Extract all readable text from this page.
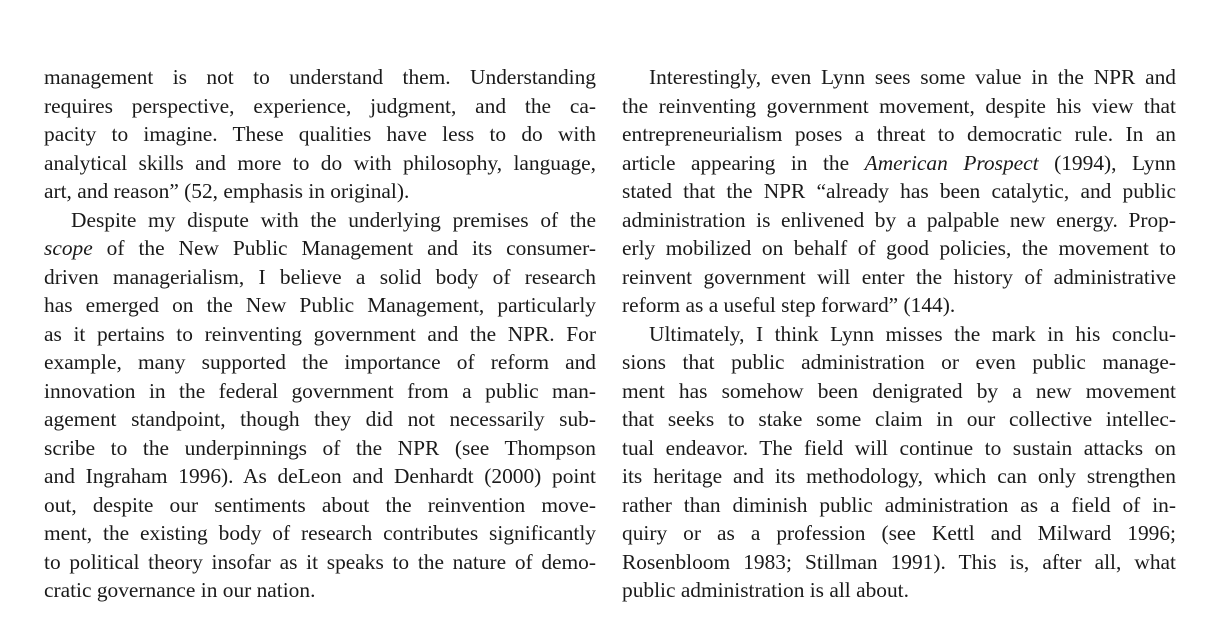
management is not to understand them. Understanding
requires perspective, experience, judgment, and the ca-
pacity to imagine. These qualities have less to do with
analytical skills and more to do with philosophy, language,
art, and reason” (52, emphasis in original).
Despite my dispute with the underlying premises of the
scope of the New Public Management and its consumer-
driven managerialism, I believe a solid body of research
has emerged on the New Public Management, particularly
as it pertains to reinventing government and the NPR. For
example, many supported the importance of reform and
innovation in the federal government from a public man-
agement standpoint, though they did not necessarily sub-
scribe to the underpinnings of the NPR (see Thompson
and Ingraham 1996). As deLeon and Denhardt (2000) point
out, despite our sentiments about the reinvention move-
ment, the existing body of research contributes significantly
to political theory insofar as it speaks to the nature of demo-
cratic governance in our nation.
Interestingly, even Lynn sees some value in the NPR and
the reinventing government movement, despite his view that
entrepreneurialism poses a threat to democratic rule. In an
article appearing in the American Prospect (1994), Lynn
stated that the NPR “already has been catalytic, and public
administration is enlivened by a palpable new energy. Prop-
erly mobilized on behalf of good policies, the movement to
reinvent government will enter the history of administrative
reform as a useful step forward” (144).
Ultimately, I think Lynn misses the mark in his conclu-
sions that public administration or even public manage-
ment has somehow been denigrated by a new movement
that seeks to stake some claim in our collective intellec-
tual endeavor. The field will continue to sustain attacks on
its heritage and its methodology, which can only strengthen
rather than diminish public administration as a field of in-
quiry or as a profession (see Kettl and Milward 1996;
Rosenbloom 1983; Stillman 1991). This is, after all, what
public administration is all about.
